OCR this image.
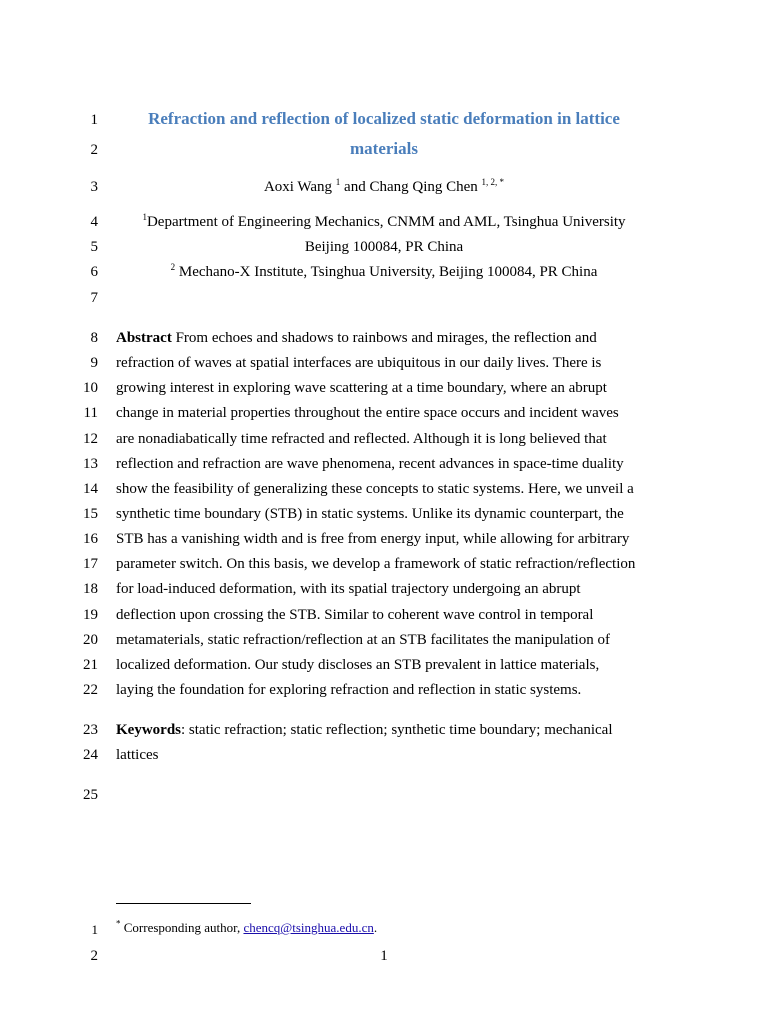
1
2
3
4
5
6
7
8
9
10
11
12
13
14
15
16
17
18
19
20
21
22
23
24
25
1
2
Refraction and reflection of localized static deformation in lattice
materials
Aoxi Wang $^1$ and Chang Qing Chen $^{1, 2, *}$
$^1$Department of Engineering Mechanics, CNMM and AML, Tsinghua University
Beijing 100084, PR China
$^2$ Mechano-X Institute, Tsinghua University, Beijing 100084, PR China
Abstract From echoes and shadows to rainbows and mirages, the reflection and
refraction of waves at spatial interfaces are ubiquitous in our daily lives. There is
growing interest in exploring wave scattering at a time boundary, where an abrupt
change in material properties throughout the entire space occurs and incident waves
are nonadiabatically time refracted and reflected. Although it is long believed that
reflection and refraction are wave phenomena, recent advances in space-time duality
show the feasibility of generalizing these concepts to static systems. Here, we unveil a
synthetic time boundary (STB) in static systems. Unlike its dynamic counterpart, the
STB has a vanishing width and is free from energy input, while allowing for arbitrary
parameter switch. On this basis, we develop a framework of static refraction/reflection
for load-induced deformation, with its spatial trajectory undergoing an abrupt
deflection upon crossing the STB. Similar to coherent wave control in temporal
metamaterials, static refraction/reflection at an STB facilitates the manipulation of
localized deformation. Our study discloses an STB prevalent in lattice materials,
laying the foundation for exploring refraction and reflection in static systems.
Keywords: static refraction; static reflection; synthetic time boundary; mechanical
lattices
* Corresponding author, chencq@tsinghua.edu.cn.
1
